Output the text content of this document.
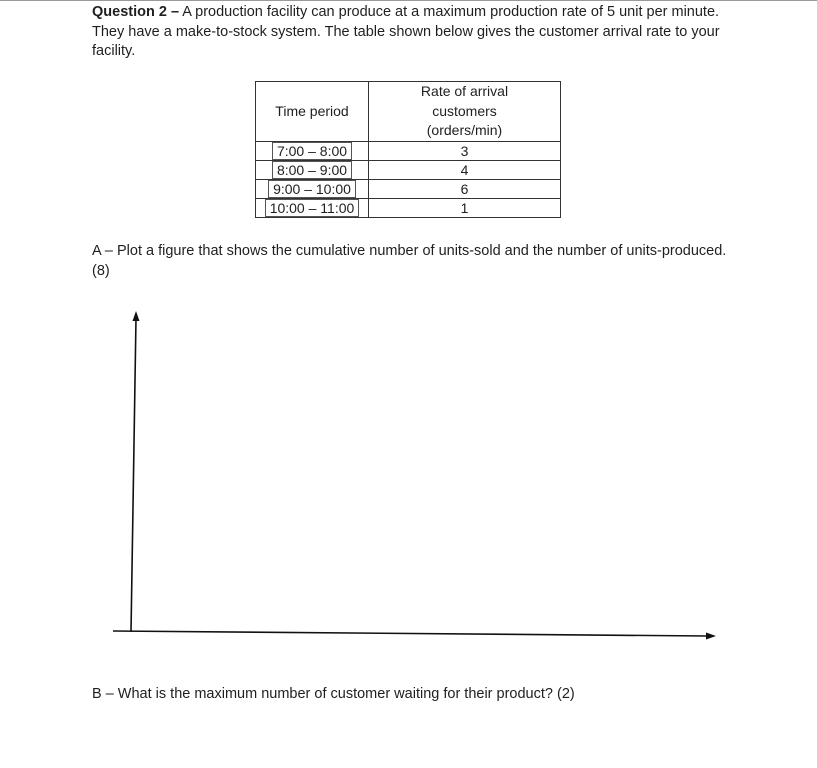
Question 2 – A production facility can produce at a maximum production rate of 5 unit per minute. They have a make-to-stock system. The table shown below gives the customer arrival rate to your facility.
Time period	Rate of arrival customers (orders/min)
7:00 – 8:00	3
8:00 – 9:00	4
9:00 – 10:00	6
10:00 – 11:00	1
A – Plot a figure that shows the cumulative number of units-sold and the number of units-produced. (8)
B – What is the maximum number of customer waiting for their product? (2)
